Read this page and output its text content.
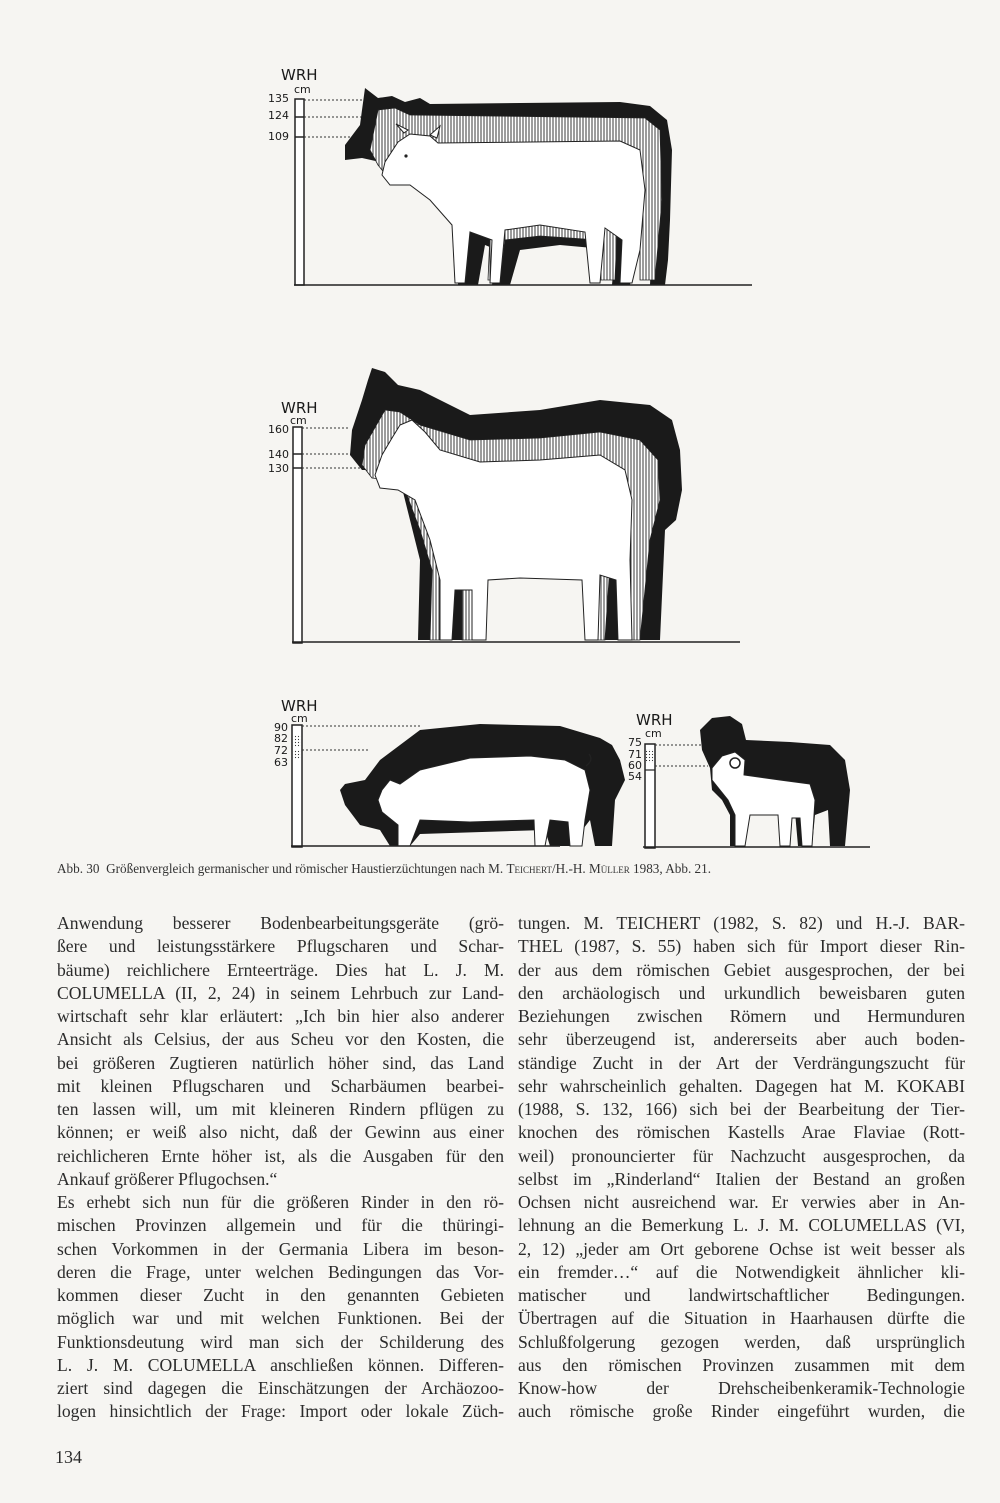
WRH
cm
135
124
109
WRH
cm
160
140
130
WRH
cm
90
82
72
63
WRH
cm
75
71
60
54
Abb. 30 Größenvergleich germanischer und römischer Haustierzüchtungen nach M. Teichert/H.-H. Müller 1983, Abb. 21.
Anwendung besserer Bodenbearbeitungsgeräte (grö-
ßere und leistungsstärkere Pflugscharen und Schar-
bäume) reichlichere Ernteerträge. Dies hat L. J. M.
COLUMELLA (II, 2, 24) in seinem Lehrbuch zur Land-
wirtschaft sehr klar erläutert: „Ich bin hier also anderer
Ansicht als Celsius, der aus Scheu vor den Kosten, die
bei größeren Zugtieren natürlich höher sind, das Land
mit kleinen Pflugscharen und Scharbäumen bearbei-
ten lassen will, um mit kleineren Rindern pflügen zu
können; er weiß also nicht, daß der Gewinn aus einer
reichlicheren Ernte höher ist, als die Ausgaben für den
Ankauf größerer Pflugochsen.“
Es erhebt sich nun für die größeren Rinder in den rö-
mischen Provinzen allgemein und für die thüringi-
schen Vorkommen in der Germania Libera im beson-
deren die Frage, unter welchen Bedingungen das Vor-
kommen dieser Zucht in den genannten Gebieten
möglich war und mit welchen Funktionen. Bei der
Funktionsdeutung wird man sich der Schilderung des
L. J. M. COLUMELLA anschließen können. Differen-
ziert sind dagegen die Einschätzungen der Archäozoo-
logen hinsichtlich der Frage: Import oder lokale Züch-
tungen. M. TEICHERT (1982, S. 82) und H.-J. BAR-
THEL (1987, S. 55) haben sich für Import dieser Rin-
der aus dem römischen Gebiet ausgesprochen, der bei
den archäologisch und urkundlich beweisbaren guten
Beziehungen zwischen Römern und Hermunduren
sehr überzeugend ist, andererseits aber auch boden-
ständige Zucht in der Art der Verdrängungszucht für
sehr wahrscheinlich gehalten. Dagegen hat M. KOKABI
(1988, S. 132, 166) sich bei der Bearbeitung der Tier-
knochen des römischen Kastells Arae Flaviae (Rott-
weil) pronouncierter für Nachzucht ausgesprochen, da
selbst im „Rinderland“ Italien der Bestand an großen
Ochsen nicht ausreichend war. Er verwies aber in An-
lehnung an die Bemerkung L. J. M. COLUMELLAS (VI,
2, 12) „jeder am Ort geborene Ochse ist weit besser als
ein fremder…“ auf die Notwendigkeit ähnlicher kli-
matischer und landwirtschaftlicher Bedingungen.
Übertragen auf die Situation in Haarhausen dürfte die
Schlußfolgerung gezogen werden, daß ursprünglich
aus den römischen Provinzen zusammen mit dem
Know-how der Drehscheibenkeramik-Technologie
auch römische große Rinder eingeführt wurden, die
134
